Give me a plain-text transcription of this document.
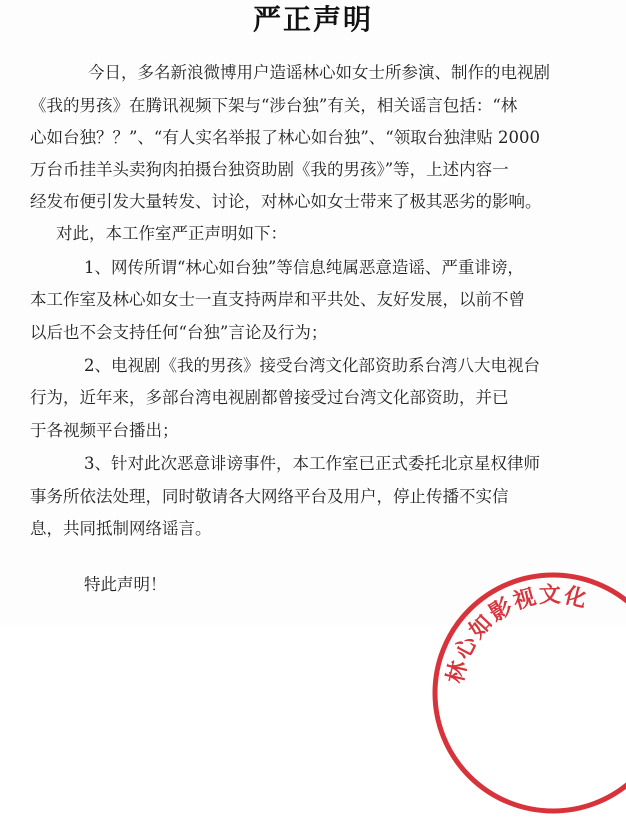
严正声明
今日，多名新浪微博用户造谣林心如女士所参演、制作的电视剧
《我的男孩》在腾讯视频下架与“涉台独”有关，相关谣言包括：“林
心如台独？？”、“有人实名举报了林心如台独”、“领取台独津贴 2000
万台币挂羊头卖狗肉拍摄台独资助剧《我的男孩》”等，上述内容一
经发布便引发大量转发、讨论，对林心如女士带来了极其恶劣的影响。
对此，本工作室严正声明如下：
1、网传所谓“林心如台独”等信息纯属恶意造谣、严重诽谤，
本工作室及林心如女士一直支持两岸和平共处、友好发展，以前不曾
以后也不会支持任何“台独”言论及行为；
2、电视剧《我的男孩》接受台湾文化部资助系台湾八大电视台
行为，近年来，多部台湾电视剧都曾接受过台湾文化部资助，并已
于各视频平台播出；
3、针对此次恶意诽谤事件，本工作室已正式委托北京星权律师
事务所依法处理，同时敬请各大网络平台及用户，停止传播不实信
息，共同抵制网络谣言。
特此声明！
林心如影视文化
